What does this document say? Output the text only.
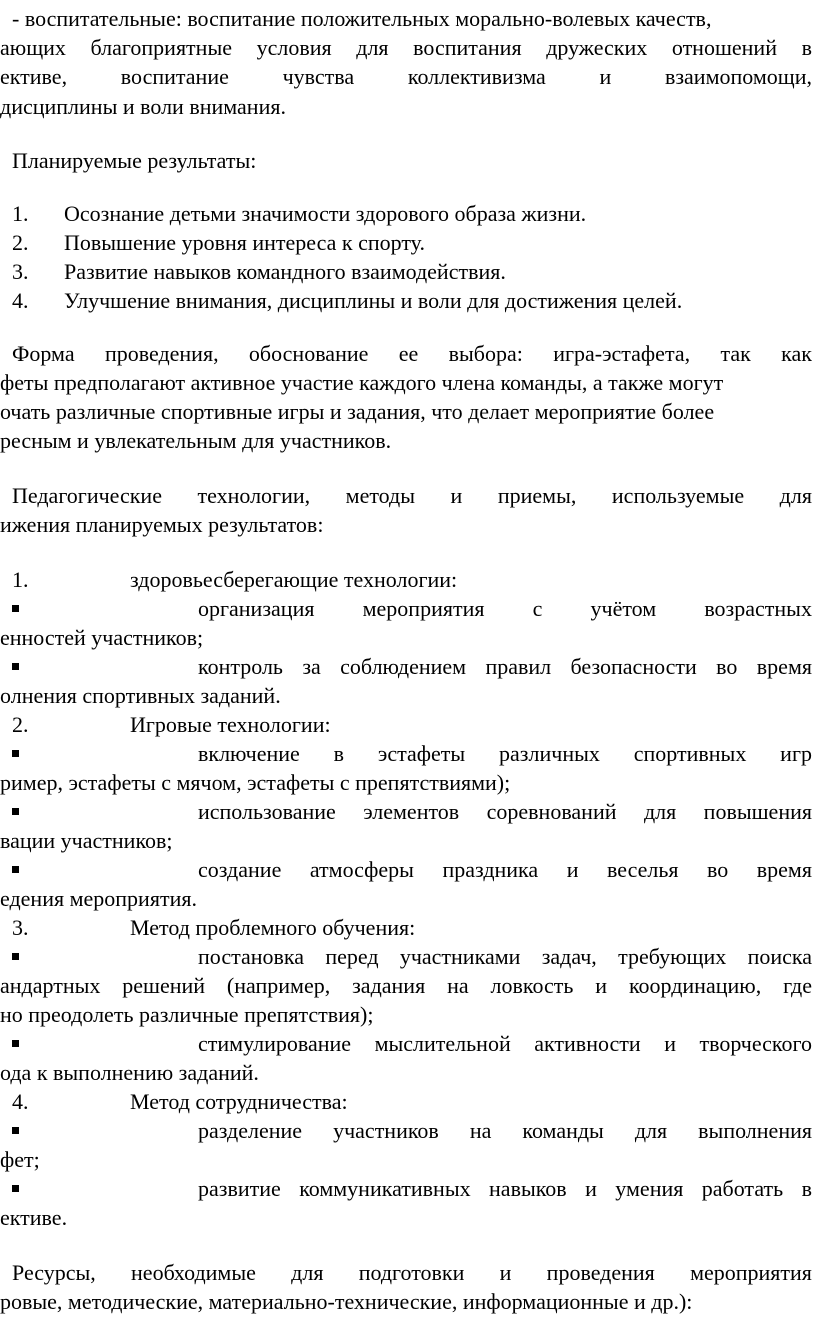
- воспитательные: воспитание положительных морально-волевых качеств,
ающих благоприятные условия для воспитания дружеских отношений в
ективе, воспитание чувства коллективизма и взаимопомощи,
дисциплины и воли внимания.
Планируемые результаты:
1. Осознание детьми значимости здорового образа жизни.
2. Повышение уровня интереса к спорту.
3. Развитие навыков командного взаимодействия.
4. Улучшение внимания, дисциплины и воли для достижения целей.
Форма проведения, обоснование ее выбора: игра-эстафета, так как
феты предполагают активное участие каждого члена команды, а также могут
очать различные спортивные игры и задания, что делает мероприятие более
ресным и увлекательным для участников.
Педагогические технологии, методы и приемы, используемые для
ижения планируемых результатов:
1.	здоровьесберегающие технологии:
организация мероприятия с учётом возрастных
енностей участников;
контроль за соблюдением правил безопасности во время
олнения спортивных заданий.
2.	Игровые технологии:
включение в эстафеты различных спортивных игр
ример, эстафеты с мячом, эстафеты с препятствиями);
использование элементов соревнований для повышения
вации участников;
создание атмосферы праздника и веселья во время
едения мероприятия.
3.	Метод проблемного обучения:
постановка перед участниками задач, требующих поиска
андартных решений (например, задания на ловкость и координацию, где
но преодолеть различные препятствия);
стимулирование мыслительной активности и творческого
ода к выполнению заданий.
4.	Метод сотрудничества:
разделение участников на команды для выполнения
фет;
развитие коммуникативных навыков и умения работать в
ективе.
Ресурсы, необходимые для подготовки и проведения мероприятия
ровые, методические, материально-технические, информационные и др.):
